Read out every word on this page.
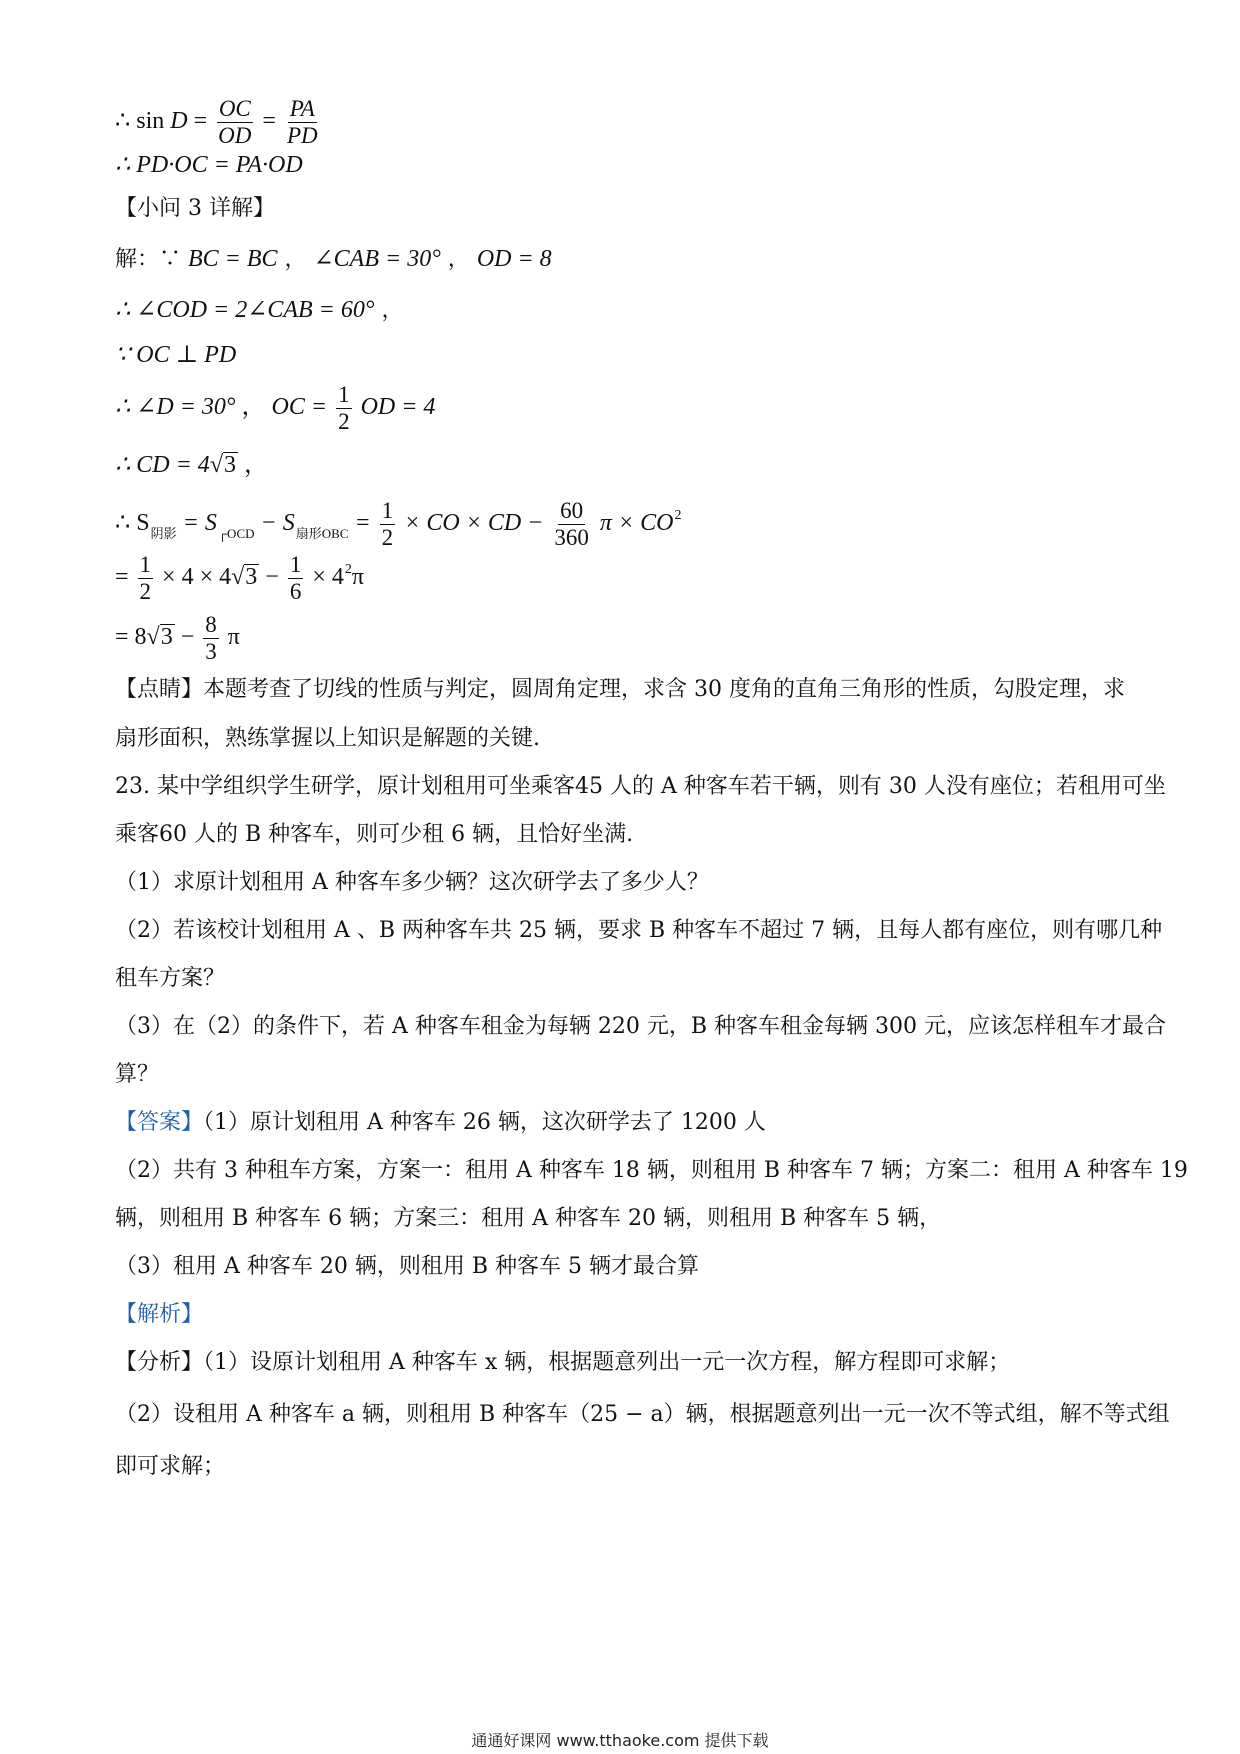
∴ $\sin D = \frac{OC}{OD} = \frac{PA}{PD}$
∴ PD·OC = PA·OD
【小问 3 详解】
解：∵ BC = BC ， ∠CAB = 30° ， OD = 8
∴ ∠COD = 2∠CAB = 60° ，
∵ OC ⊥ PD
∴ ∠D = 30° ， OC = $\frac{1}{2}$ OD = 4
∴ CD = 4√3 ，
∴ $S_{阴影} = S_{┌OCD} - S_{扇形OBC} = \frac{1}{2}$ × CO × CD − $\frac{60}{360}$ $\pi \times CO^2$
= $\frac{1}{2} \times 4 \times 4√3 - \frac{1}{6} \times 4^2\pi$
= $8√3 - \frac{8}{3}$ π
【点睛】本题考查了切线的性质与判定，圆周角定理，求含 30 度角的直角三角形的性质，勾股定理，求
扇形面积，熟练掌握以上知识是解题的关键.
23. 某中学组织学生研学，原计划租用可坐乘客45 人的 A 种客车若干辆，则有 30 人没有座位；若租用可坐
乘客60 人的 B 种客车，则可少租 6 辆，且恰好坐满.
（1）求原计划租用 A 种客车多少辆？这次研学去了多少人？
（2）若该校计划租用 A 、B 两种客车共 25 辆，要求 B 种客车不超过 7 辆，且每人都有座位，则有哪几种
租车方案？
（3）在（2）的条件下，若 A 种客车租金为每辆 220 元，B 种客车租金每辆 300 元，应该怎样租车才最合
算？
【答案】（1）原计划租用 A 种客车 26 辆，这次研学去了 1200 人
（2）共有 3 种租车方案，方案一：租用 A 种客车 18 辆，则租用 B 种客车 7 辆；方案二：租用 A 种客车 19
辆，则租用 B 种客车 6 辆；方案三：租用 A 种客车 20 辆，则租用 B 种客车 5 辆，
（3）租用 A 种客车 20 辆，则租用 B 种客车 5 辆才最合算
【解析】
【分析】（1）设原计划租用 A 种客车 x 辆，根据题意列出一元一次方程，解方程即可求解；
（2）设租用 A 种客车 a 辆，则租用 B 种客车（25 − a）辆，根据题意列出一元一次不等式组，解不等式组
即可求解；
通通好课网 www.tthaoke.com 提供下载
